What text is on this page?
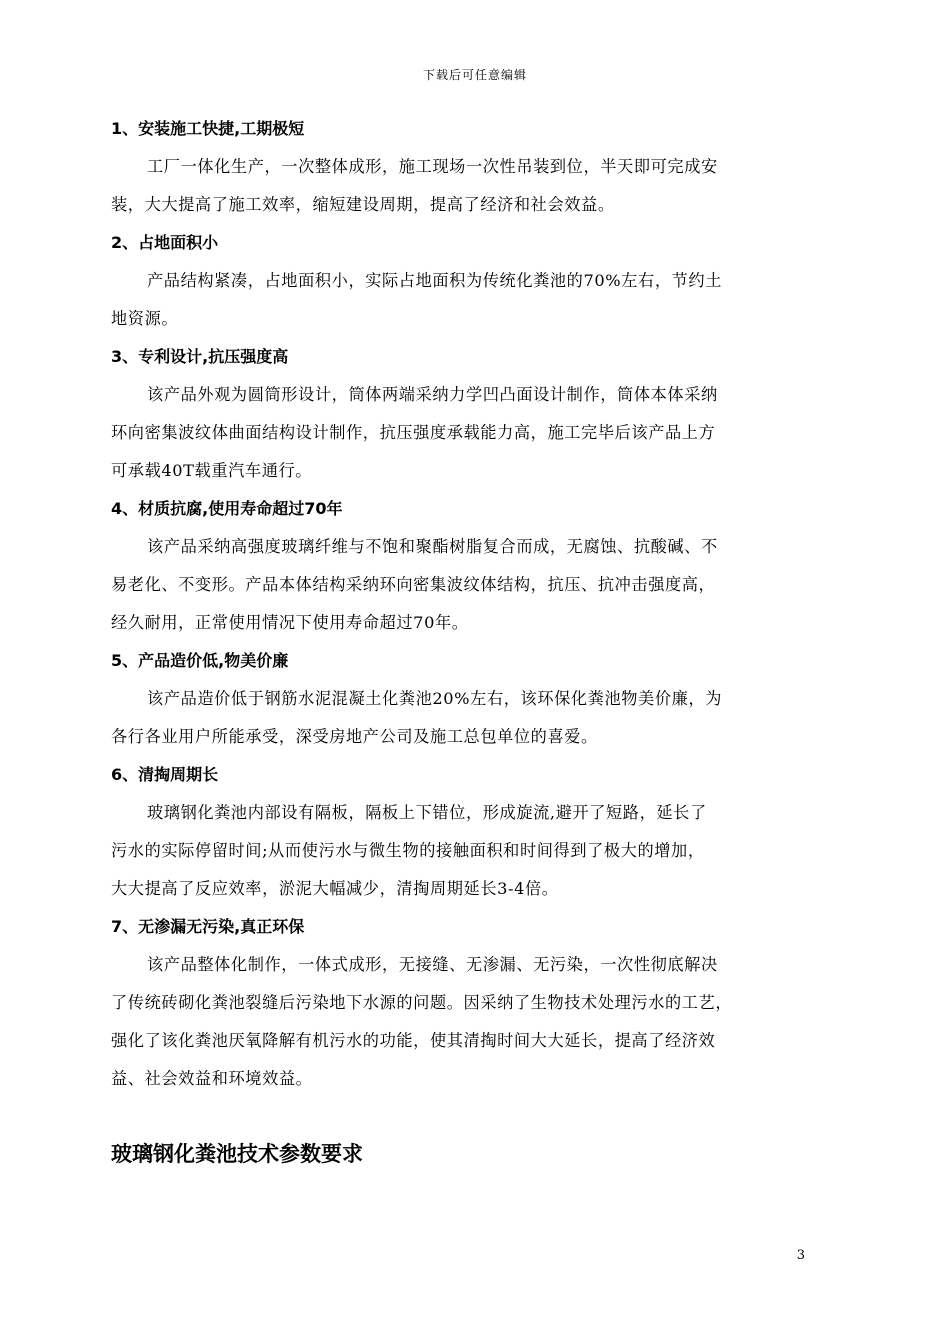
下载后可任意编辑
1、安装施工快捷,工期极短
工厂一体化生产，一次整体成形，施工现场一次性吊装到位，半天即可完成安
装，大大提高了施工效率，缩短建设周期，提高了经济和社会效益。
2、占地面积小
产品结构紧凑，占地面积小，实际占地面积为传统化粪池的70%左右，节约土
地资源。
3、专利设计,抗压强度高
该产品外观为圆筒形设计，筒体两端采纳力学凹凸面设计制作，筒体本体采纳
环向密集波纹体曲面结构设计制作，抗压强度承载能力高，施工完毕后该产品上方
可承载40T载重汽车通行。
4、材质抗腐,使用寿命超过70年
该产品采纳高强度玻璃纤维与不饱和聚酯树脂复合而成，无腐蚀、抗酸碱、不
易老化、不变形。产品本体结构采纳环向密集波纹体结构，抗压、抗冲击强度高，
经久耐用，正常使用情况下使用寿命超过70年。
5、产品造价低,物美价廉
该产品造价低于钢筋水泥混凝土化粪池20%左右，该环保化粪池物美价廉，为
各行各业用户所能承受，深受房地产公司及施工总包单位的喜爱。
6、清掏周期长
玻璃钢化粪池内部设有隔板，隔板上下错位，形成旋流,避开了短路，延长了
污水的实际停留时间;从而使污水与微生物的接触面积和时间得到了极大的增加，
大大提高了反应效率，淤泥大幅减少，清掏周期延长3-4倍。
7、无渗漏无污染,真正环保
该产品整体化制作，一体式成形，无接缝、无渗漏、无污染，一次性彻底解决
了传统砖砌化粪池裂缝后污染地下水源的问题。因采纳了生物技术处理污水的工艺，
强化了该化粪池厌氧降解有机污水的功能，使其清掏时间大大延长，提高了经济效
益、社会效益和环境效益。
玻璃钢化粪池技术参数要求
3
